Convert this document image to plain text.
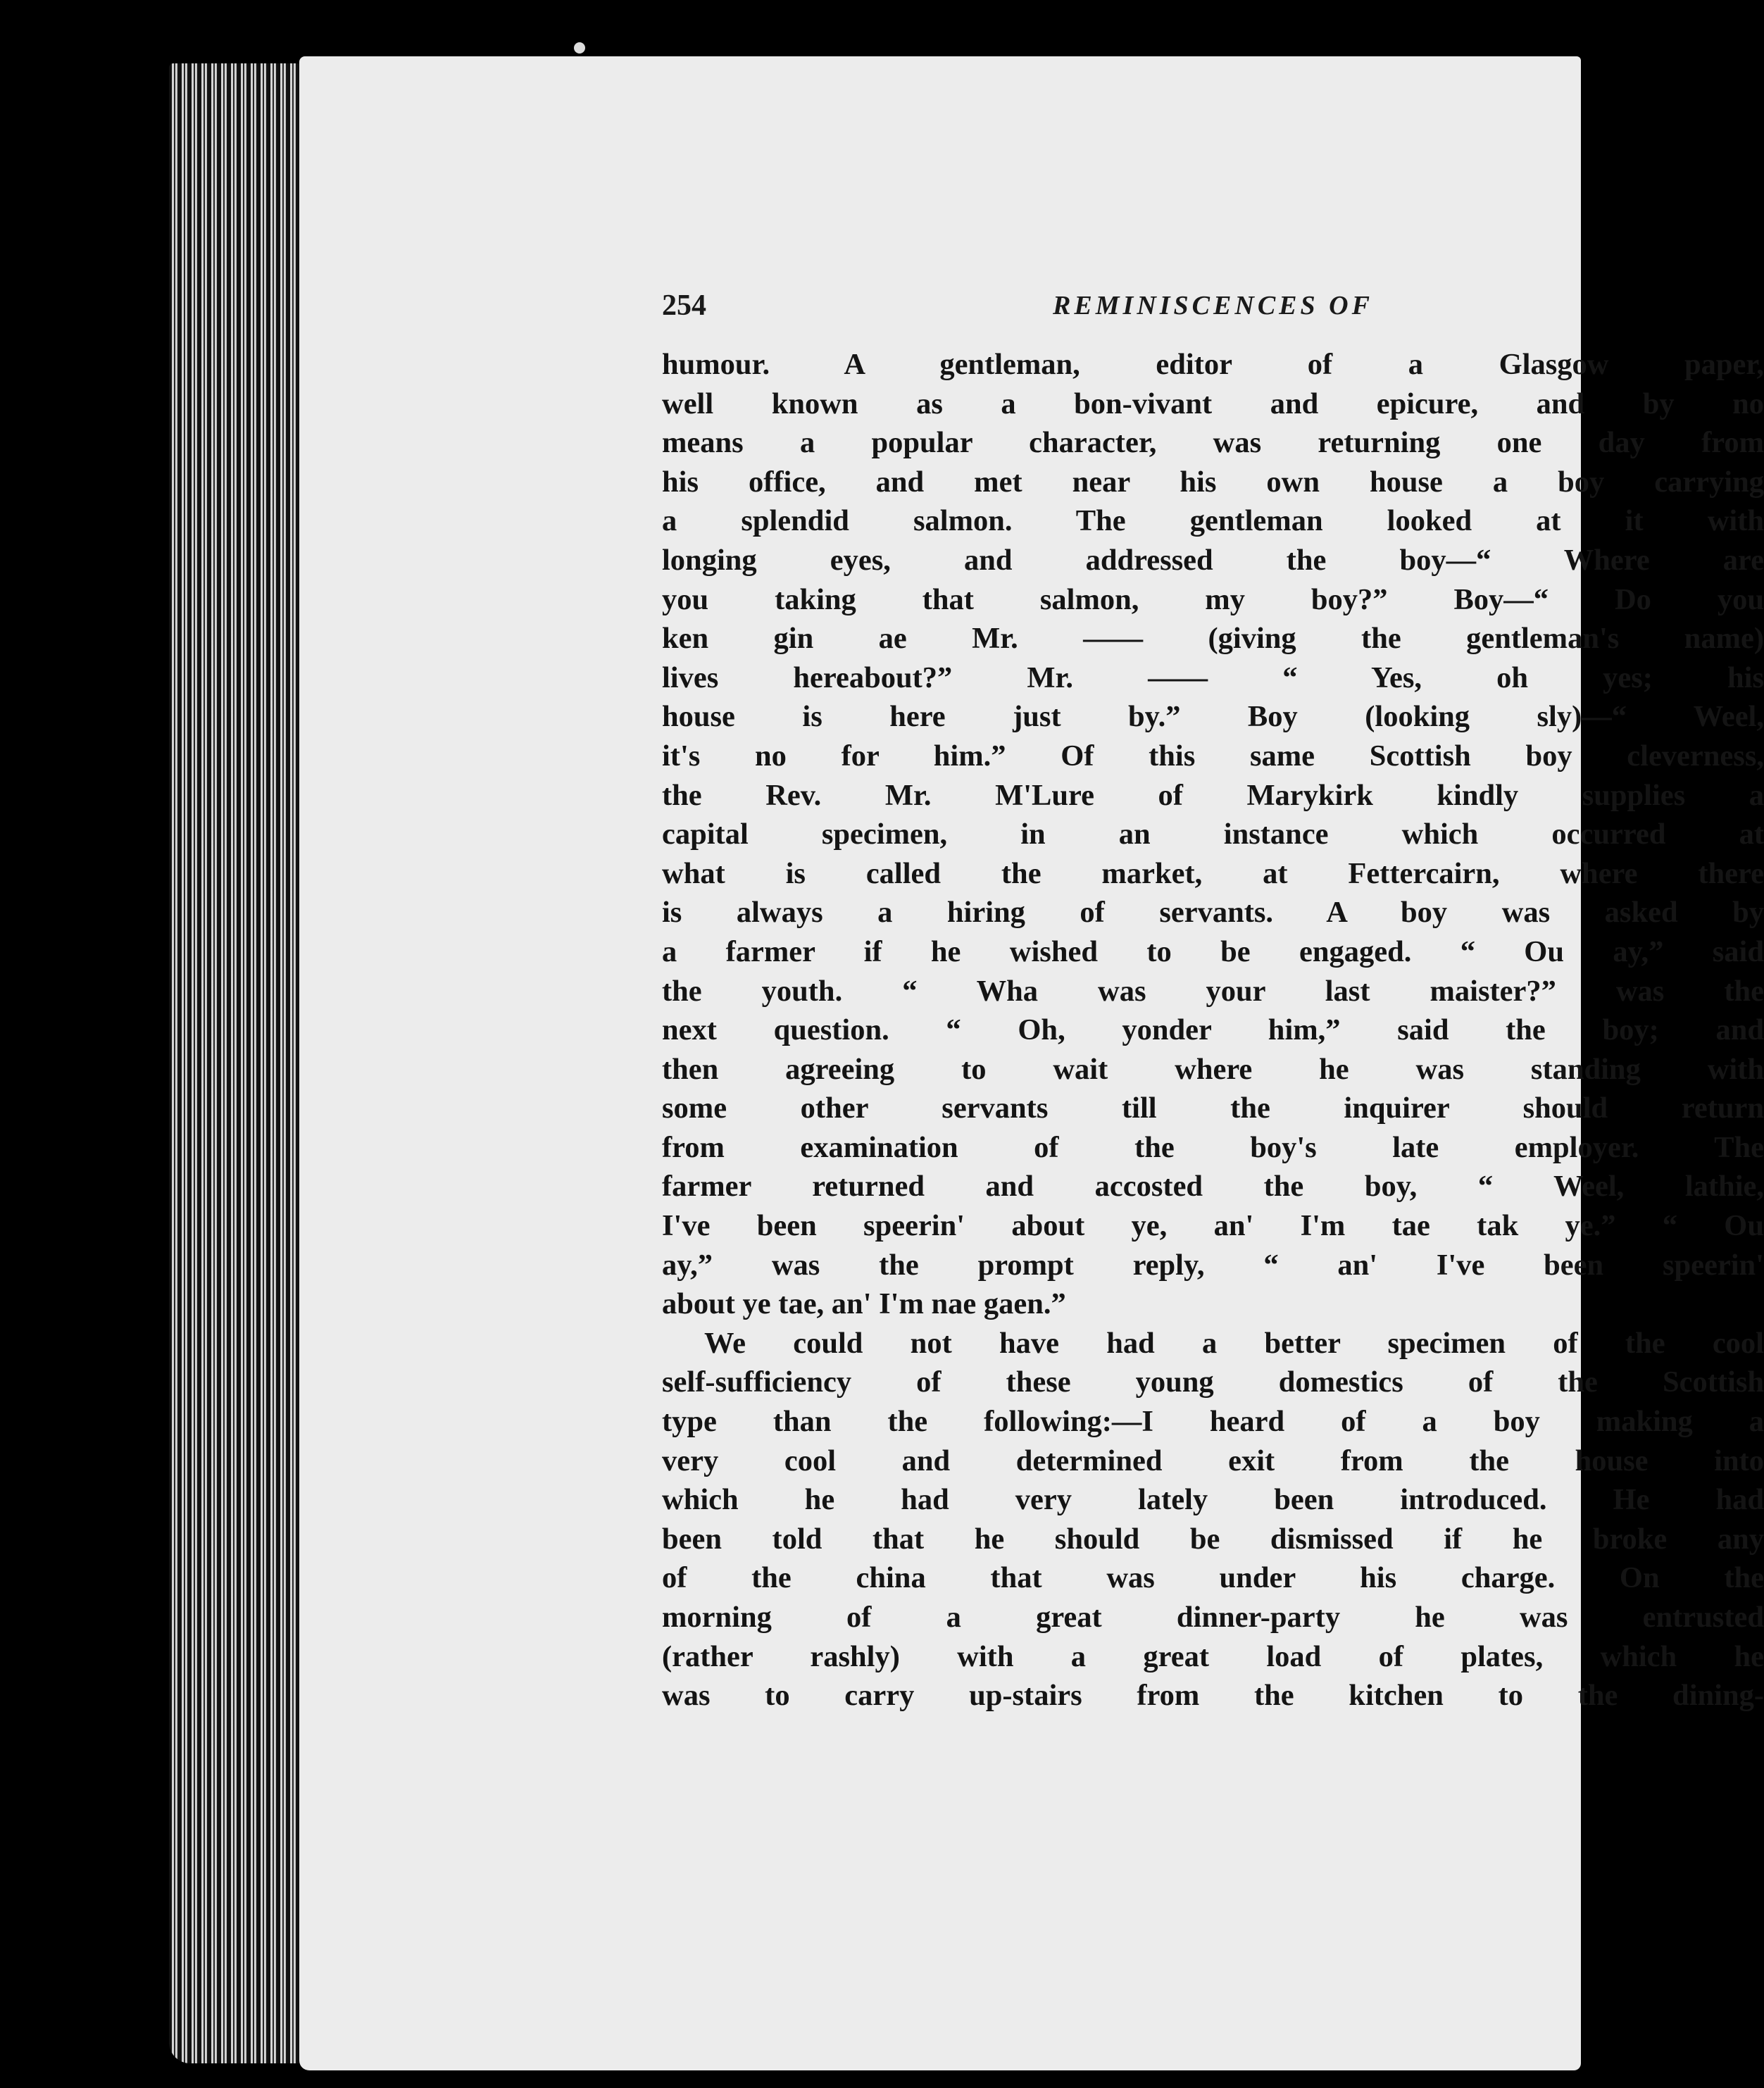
254	REMINISCENCES OF
humour. A gentleman, editor of a Glasgow paper,
well known as a bon-vivant and epicure, and by no
means a popular character, was returning one day from
his office, and met near his own house a boy carrying
a splendid salmon. The gentleman looked at it with
longing eyes, and addressed the boy—“ Where are
you taking that salmon, my boy?” Boy—“ Do you
ken gin ae Mr. —— (giving the gentleman's name)
lives hereabout?” Mr. —— “ Yes, oh yes; his
house is here just by.” Boy (looking sly)—“ Weel,
it's no for him.” Of this same Scottish boy cleverness,
the Rev. Mr. M'Lure of Marykirk kindly supplies a
capital specimen, in an instance which occurred at
what is called the market, at Fettercairn, where there
is always a hiring of servants. A boy was asked by
a farmer if he wished to be engaged. “ Ou ay,” said
the youth. “ Wha was your last maister?” was the
next question. “ Oh, yonder him,” said the boy; and
then agreeing to wait where he was standing with
some other servants till the inquirer should return
from examination of the boy's late employer. The
farmer returned and accosted the boy, “ Weel, lathie,
I've been speerin' about ye, an' I'm tae tak ye.” “ Ou
ay,” was the prompt reply, “ an' I've been speerin'
about ye tae, an' I'm nae gaen.”
We could not have had a better specimen of the cool
self-sufficiency of these young domestics of the Scottish
type than the following:—I heard of a boy making a
very cool and determined exit from the house into
which he had very lately been introduced. He had
been told that he should be dismissed if he broke any
of the china that was under his charge. On the
morning of a great dinner-party he was entrusted
(rather rashly) with a great load of plates, which he
was to carry up-stairs from the kitchen to the dining-
